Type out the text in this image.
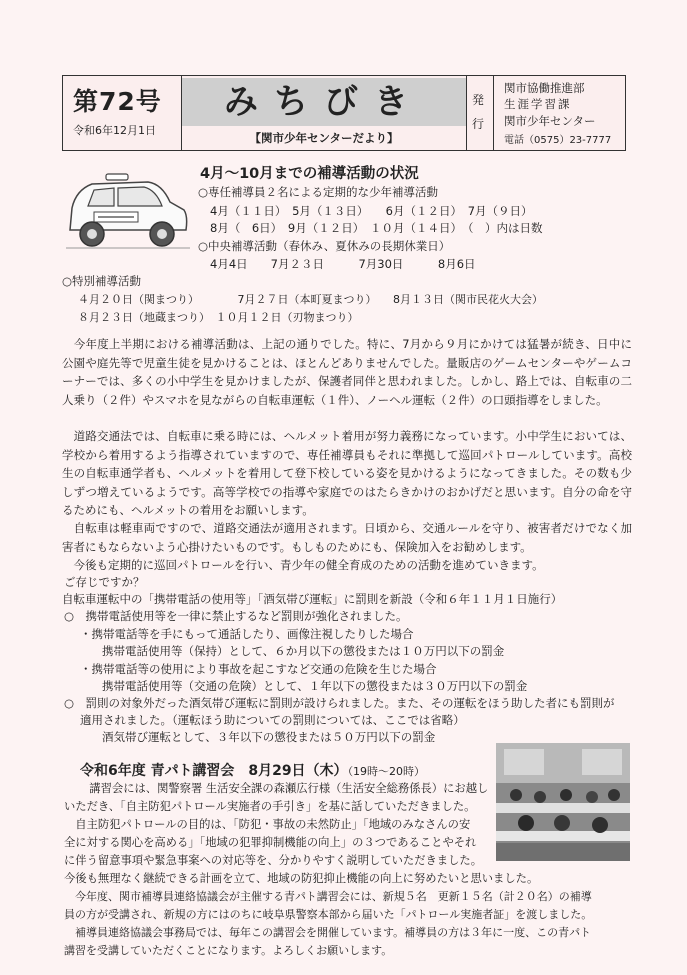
第72号
令和6年12月1日
みちびき
【関市少年センターだより】
発行
関市協働推進部
生涯学習課
関市少年センター
電話（0575）23-7777
4月～10月までの補導活動の状況
○専任補導員２名による定期的な少年補導活動
4月（１１日）　5月（１３日）　　6月（１２日）　7月（９日）
8月（　6日）　9月（１２日）　１０月（１４日）　（　）内は日数
○中央補導活動（春休み、夏休みの長期休業日）
4月4日　　7月２３日　　　7月30日　　　8月6日
○特別補導活動
４月２０日（関まつり）　　　　7月２７日（本町夏まつり）　　8月１３日（関市民花火大会）
８月２３日（地蔵まつり）　１０月１２日（刃物まつり）
　今年度上半期における補導活動は、上記の通りでした。特に、7月から９月にかけては猛暑が続き、日中に公園や庭先等で児童生徒を見かけることは、ほとんどありませんでした。量販店のゲームセンターやゲームコーナーでは、多くの小中学生を見かけましたが、保護者同伴と思われました。しかし、路上では、自転車の二人乗り（２件）やスマホを見ながらの自転車運転（１件）、ノーヘル運転（２件）の口頭指導をしました。
　道路交通法では、自転車に乗る時には、ヘルメット着用が努力義務になっています。小中学生においては、学校から着用するよう指導されていますので、専任補導員もそれに準拠して巡回パトロールしています。高校生の自転車通学者も、ヘルメットを着用して登下校している姿を見かけるようになってきました。その数も少しずつ増えているようです。高等学校での指導や家庭でのはたらきかけのおかげだと思います。自分の命を守るためにも、ヘルメットの着用をお願いします。
　自転車は軽車両ですので、道路交通法が適用されます。日頃から、交通ルールを守り、被害者だけでなく加害者にもならないよう心掛けたいものです。もしものためにも、保険加入をお勧めします。
　今後も定期的に巡回パトロールを行い、青少年の健全育成のための活動を進めていきます。
ご存じですか？
自転車運転中の「携帯電話の使用等」「酒気帯び運転」に罰則を新設（令和６年１１月１日施行）
○　携帯電話使用等を一律に禁止するなど罰則が強化されました。
・携帯電話等を手にもって通話したり、画像注視したりした場合
携帯電話使用等（保持）として、６か月以下の懲役または１０万円以下の罰金
・携帯電話等の使用により事故を起こすなど交通の危険を生じた場合
携帯電話使用等（交通の危険）として、１年以下の懲役または３０万円以下の罰金
○　罰則の対象外だった酒気帯び運転に罰則が設けられました。また、その運転をほう助した者にも罰則が
適用されました。（運転ほう助についての罰則については、ここでは省略）
酒気帯び運転として、３年以下の懲役または５０万円以下の罰金
令和6年度 青パト講習会　8月29日（木）（19時～20時）
　講習会には、関警察署 生活安全課の森瀬広行様（生活安全総務係長）にお越し
いただき、「自主防犯パトロール実施者の手引き」を基に話していただきました。
　自主防犯パトロールの目的は、「防犯・事故の未然防止」「地域のみなさんの安
全に対する関心を高める」「地域の犯罪抑制機能の向上」の３つであることやそれ
に伴う留意事項や緊急事案への対応等を、分かりやすく説明していただきました。
今後も無理なく継続できる計画を立て、地域の防犯抑止機能の向上に努めたいと思いました。
　今年度、関市補導員連絡協議会が主催する青パト講習会には、新規５名　更新１５名（計２０名）の補導
員の方が受講され、新規の方にはのちに岐阜県警察本部から届いた「パトロール実施者証」を渡しました。
　補導員連絡協議会事務局では、毎年この講習会を開催しています。補導員の方は３年に一度、この青パト
講習を受講していただくことになります。よろしくお願いします。
